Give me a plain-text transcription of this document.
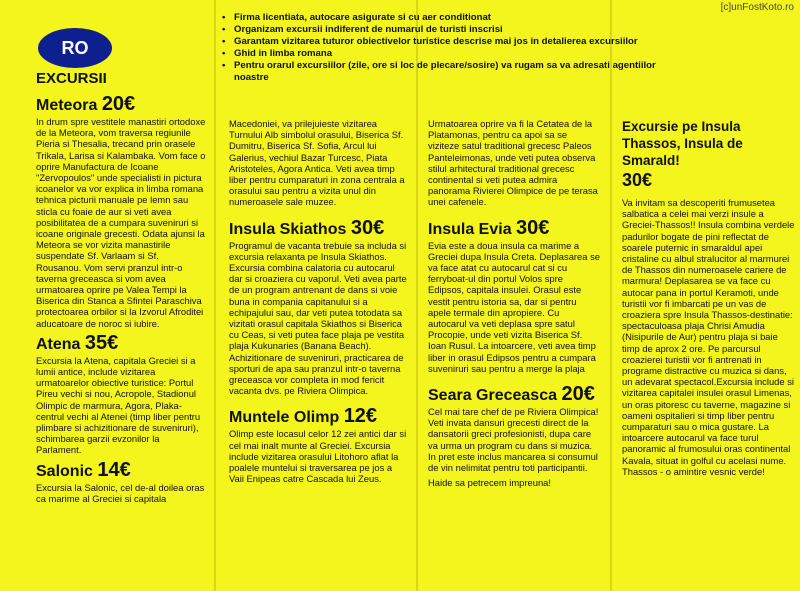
[c]unFostKoto.ro
RO
EXCURSII
• Firma licentiata, autocare asigurate si cu aer conditionat
• Organizam excursii indiferent de numarul de turisti inscrisi
• Garantam vizitarea tuturor obiectivelor turistice descrise mai jos in detalierea excursiilor
• Ghid in limba romana
• Pentru orarul excursiilor (zile, ore si loc de plecare/sosire) va rugam sa va adresati agentiilor noastre
Meteora 20€

In drum spre vestitele manastiri ortodoxe de la Meteora, vom traversa regiunile Pieria si Thesalia, trecand prin orasele Trikala, Larisa si Kalambaka. Vom face o oprire Manufactura de Icoane "Zervopoulos" unde specialisti in pictura icoanelor va vor explica in limba romana tehnica picturii manuale pe lemn sau sticla cu foaie de aur si veti avea posibilitatea de a cumpara suveniruri si icoane originale grecesti. Odata ajunsi la Meteora se vor vizita manastirile suspendate Sf. Varlaam si Sf. Rousanou. Vom servi pranzul intr-o taverna greceasca si vom avea urmatoarea oprire pe Valea Tempi la Biserica din Stanca a Sfintei Paraschiva protectoarea orbilor si la Izvorul Afroditei aducatoare de noroc si iubire.

Atena 35€

Excursia la Atena, capitala Greciei si a lumii antice, include vizitarea urmatoarelor obiective turistice: Portul Pireu vechi si nou, Acropole, Stadionul Olimpic de marmura, Agora, Plaka-centrul vechi al Atenei (timp liber pentru plimbare si achizitionare de suveniruri), schimbarea garzii evzonilor la Parlament.

Salonic 14€

Excursia la Salonic, cel de-al doilea oras ca marime al Greciei si capitala

Macedoniei, va prilejuieste vizitarea Turnului Alb simbolul orasului, Biserica Sf. Dumitru, Biserica Sf. Sofia, Arcul lui Galerius, vechiul Bazar Turcesc, Piata Aristoteles, Agora Antica. Veti avea timp liber pentru cumparaturi in zona centrala a orasului sau pentru a vizita unul din numeroasele sale muzee.

Insula Skiathos 30€

Programul de vacanta trebuie sa includa si excursia relaxanta pe Insula Skiathos. Excursia combina calatoria cu autocarul dar si croaziera cu vaporul. Veti avea parte de un program antrenant de dans si voie buna in compania capitanului si a echipajului sau, dar veti putea totodata sa vizitati orasul capitala Skiathos si Biserica cu Ceas, si veti putea face plaja pe vestita plaja Kukunaries (Banana Beach). Achizitionare de suveniruri, practicarea de sporturi de apa sau pranzul intr-o taverna greceasca vor completa in mod fericit vacanta dvs. pe Riviera Olimpica.

Muntele Olimp 12€

Olimp este locasul celor 12 zei antici dar si cel mai inalt munte al Greciei. Excursia include vizitarea orasului Litohoro aflat la poalele muntelui si traversarea pe jos a Vaii Enipeas catre Cascada lui Zeus.

Urmatoarea oprire va fi la Cetatea de la Platamonas, pentru ca apoi sa se viziteze satul traditional grecesc Paleos Panteleimonas, unde veti putea observa stilul arhitectural traditional grecesc continental si veti putea admira panorama Rivierei Olimpice de pe terasa unei cafenele.

Insula Evia 30€

Evia este a doua insula ca marime a Greciei dupa Insula Creta. Deplasarea se va face atat cu autocarul cat si cu ferryboat-ul din portul Volos spre Edipsos, capitala insulei. Orasul este vestit pentru istoria sa, dar si pentru apele termale din apropiere. Cu autocarul va veti deplasa spre satul Procopie, unde veti vizita Biserica Sf. Ioan Rusul. La intoarcere, veti avea timp liber in orasul Edipsos pentru a cumpara suveniruri sau pentru a merge la plaja

Seara Greceasca 20€

Cel mai tare chef de pe Riviera Olimpica! Veti invata dansuri grecesti direct de la dansatorii greci profesionisti, dupa care va urma un program cu dans si muzica. In pret este inclus mancarea si consumul de vin nelimitat pentru toti participantii.

Haide sa petrecem impreuna!

Excursie pe Insula Thassos, Insula de Smarald!
30€

Va invitam sa descoperiti frumusetea salbatica a celei mai verzi insule a Greciei-Thassos!! Insula combina verdele padurilor bogate de pini reflectat de soarele puternic in smaraldul apei cristaline cu albul stralucitor al marmurei de Thassos din numeroasele cariere de marmura! Deplasarea se va face cu autocar pana in portul Keramoti, unde turistii vor fi imbarcati pe un vas de croaziera spre Insula Thassos-destinatie: spectaculoasa plaja Chrisi Amudia (Nisipurile de Aur) pentru plaja si baie timp de aprox 2 ore. Pe parcursul croazierei turistii vor fi antrenati in programe distractive cu muzica si dans, un adevarat spectacol.Excursia include si vizitarea capitalei insulei orasul Limenas, un oras pitoresc cu taverne, magazine si oameni ospitalieri si timp liber pentru cumparaturi sau o mica gustare. La intoarcere autocarul va face turul panoramic al frumosului oras continental Kavala, situat in golful cu acelasi nume. Thassos - o amintire vesnic verde!
